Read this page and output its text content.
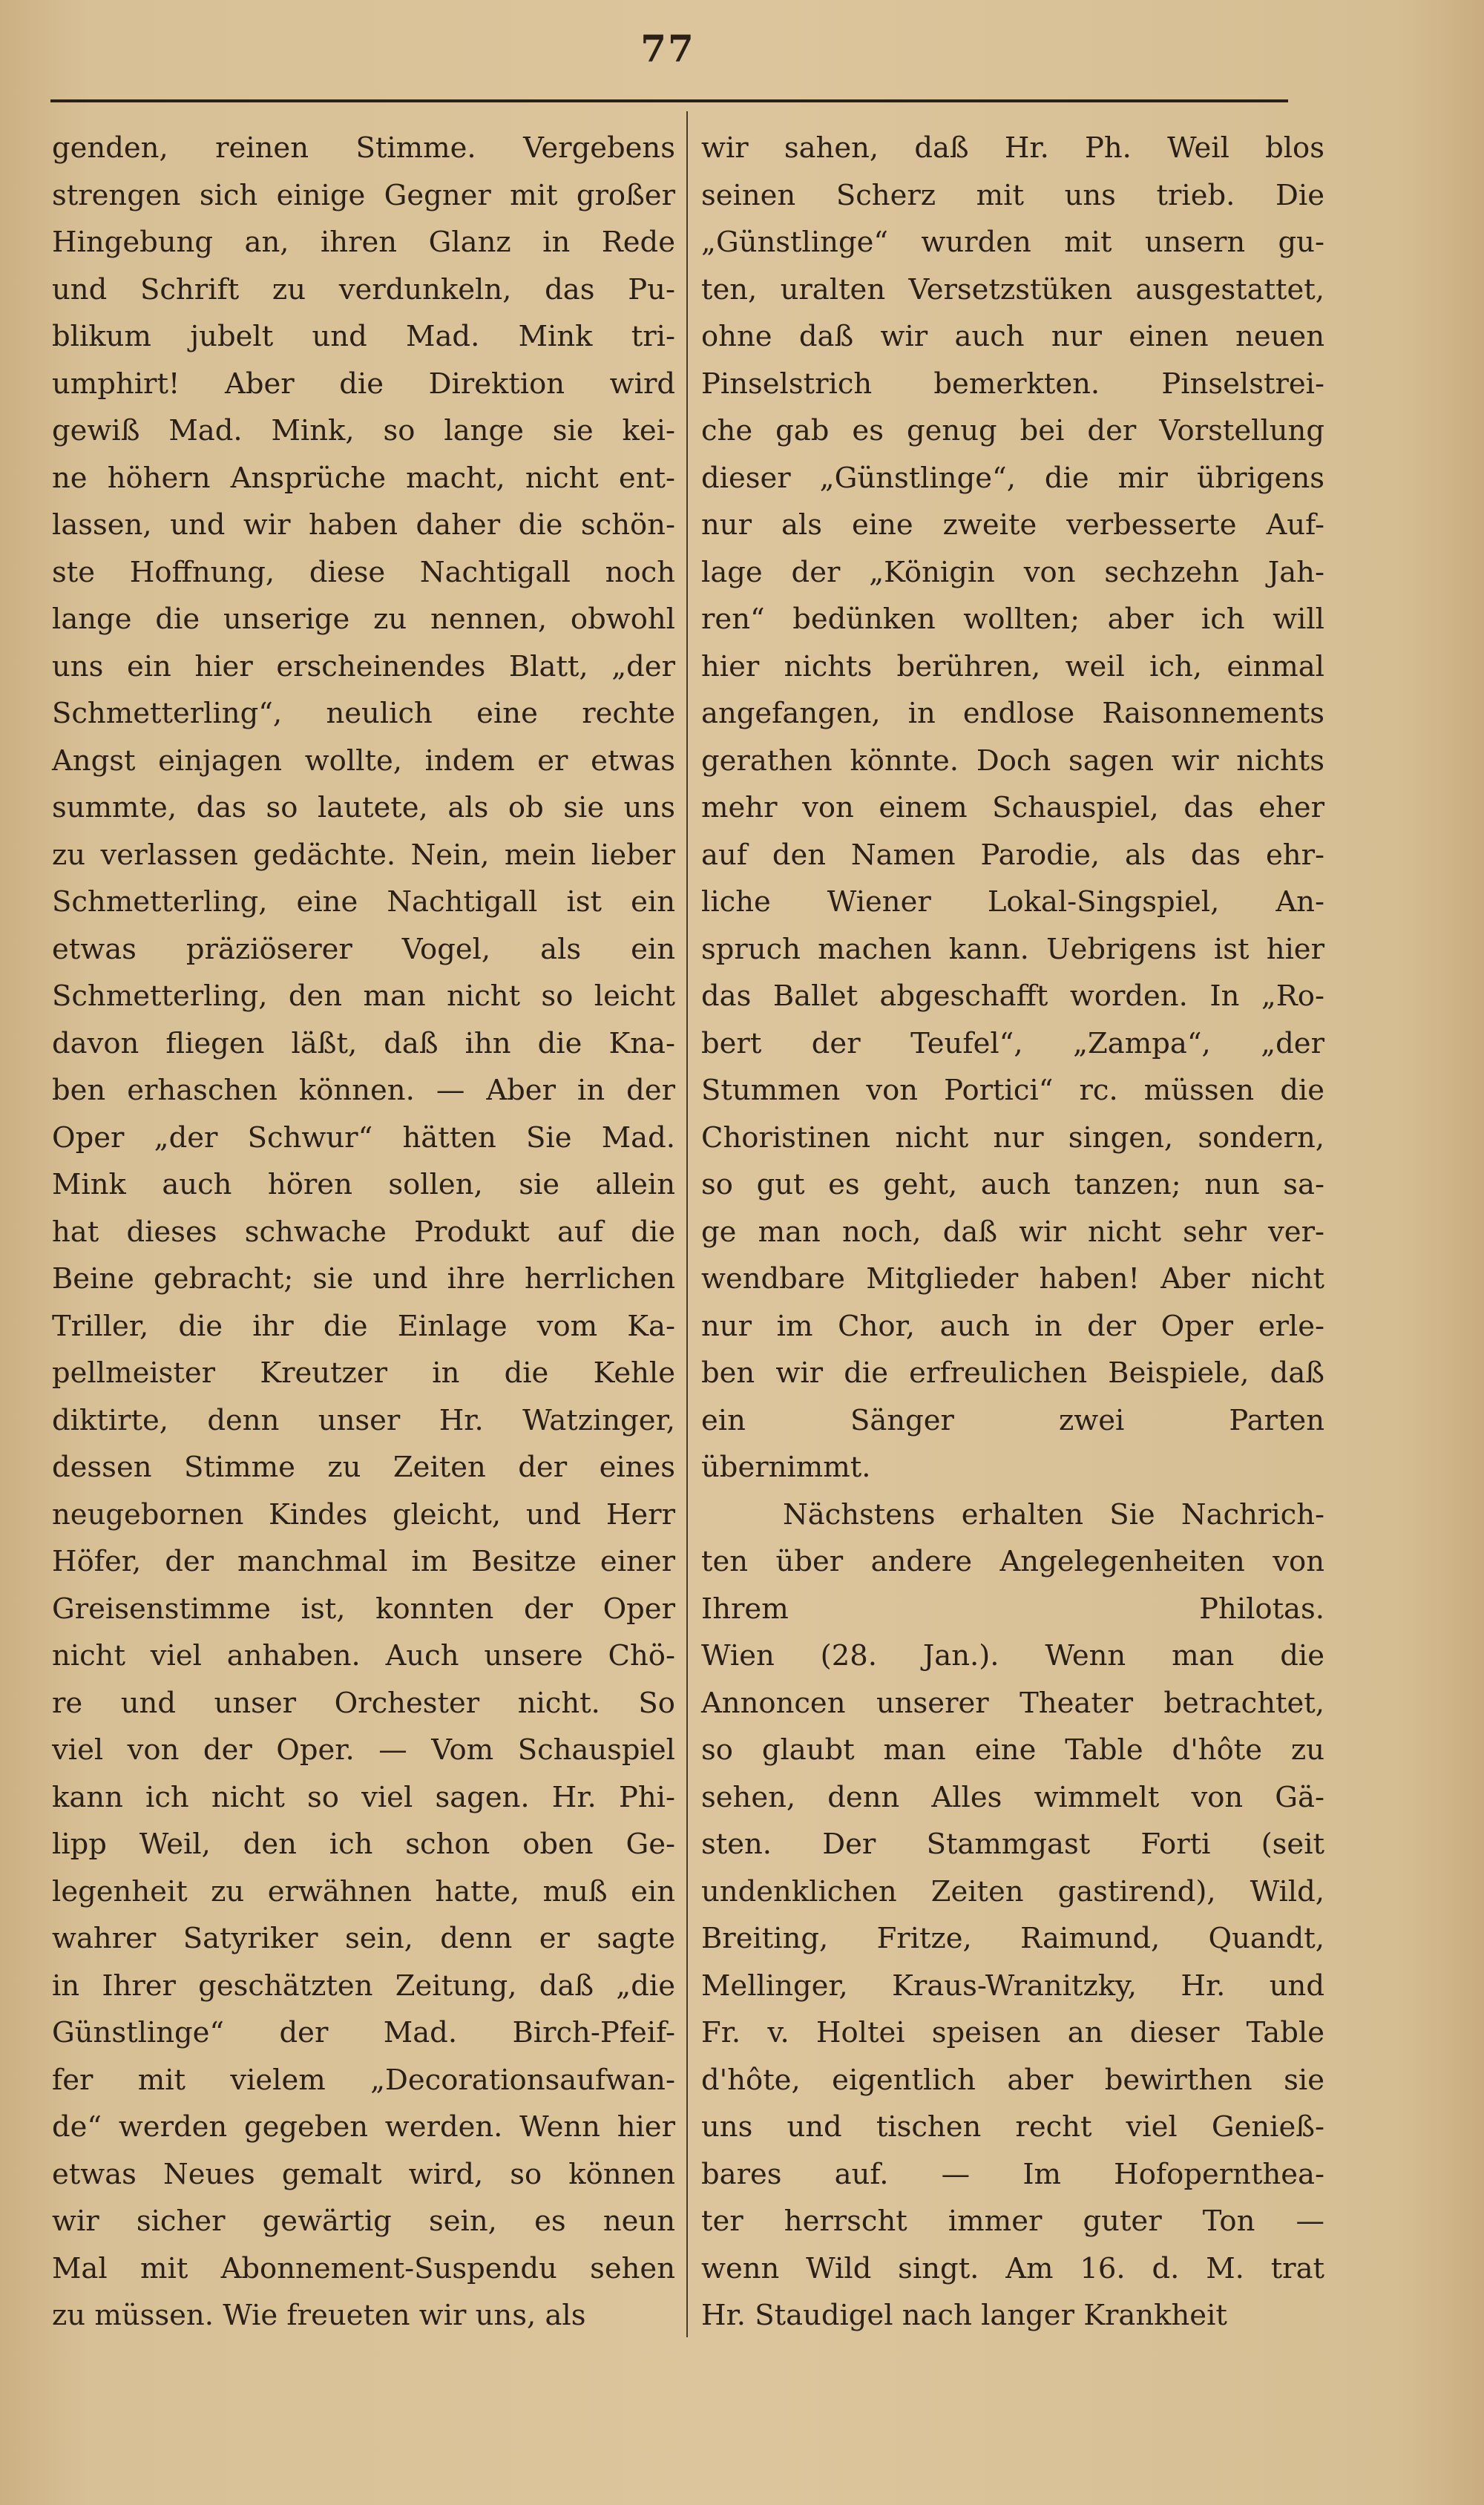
77
genden, reinen Stimme. Vergebens
strengen sich einige Gegner mit großer
Hingebung an, ihren Glanz in Rede
und Schrift zu verdunkeln, das Pu-
blikum jubelt und Mad. Mink tri-
umphirt! Aber die Direktion wird
gewiß Mad. Mink, so lange sie kei-
ne höhern Ansprüche macht, nicht ent-
lassen, und wir haben daher die schön-
ste Hoffnung, diese Nachtigall noch
lange die unserige zu nennen, obwohl
uns ein hier erscheinendes Blatt, „der
Schmetterling“, neulich eine rechte
Angst einjagen wollte, indem er etwas
summte, das so lautete, als ob sie uns
zu verlassen gedächte. Nein, mein lieber
Schmetterling, eine Nachtigall ist ein
etwas präziöserer Vogel, als ein
Schmetterling, den man nicht so leicht
davon fliegen läßt, daß ihn die Kna-
ben erhaschen können. — Aber in der
Oper „der Schwur“ hätten Sie Mad.
Mink auch hören sollen, sie allein
hat dieses schwache Produkt auf die
Beine gebracht; sie und ihre herrlichen
Triller, die ihr die Einlage vom Ka-
pellmeister Kreutzer in die Kehle
diktirte, denn unser Hr. Watzinger,
dessen Stimme zu Zeiten der eines
neugebornen Kindes gleicht, und Herr
Höfer, der manchmal im Besitze einer
Greisenstimme ist, konnten der Oper
nicht viel anhaben. Auch unsere Chö-
re und unser Orchester nicht. So
viel von der Oper. — Vom Schauspiel
kann ich nicht so viel sagen. Hr. Phi-
lipp Weil, den ich schon oben Ge-
legenheit zu erwähnen hatte, muß ein
wahrer Satyriker sein, denn er sagte
in Ihrer geschätzten Zeitung, daß „die
Günstlinge“ der Mad. Birch-Pfeif-
fer mit vielem „Decorationsaufwan-
de“ werden gegeben werden. Wenn hier
etwas Neues gemalt wird, so können
wir sicher gewärtig sein, es neun
Mal mit Abonnement-Suspendu sehen
zu müssen. Wie freueten wir uns, als
wir sahen, daß Hr. Ph. Weil blos
seinen Scherz mit uns trieb. Die
„Günstlinge“ wurden mit unsern gu-
ten, uralten Versetzstüken ausgestattet,
ohne daß wir auch nur einen neuen
Pinselstrich bemerkten. Pinselstrei-
che gab es genug bei der Vorstellung
dieser „Günstlinge“, die mir übrigens
nur als eine zweite verbesserte Auf-
lage der „Königin von sechzehn Jah-
ren“ bedünken wollten; aber ich will
hier nichts berühren, weil ich, einmal
angefangen, in endlose Raisonnements
gerathen könnte. Doch sagen wir nichts
mehr von einem Schauspiel, das eher
auf den Namen Parodie, als das ehr-
liche Wiener Lokal-Singspiel, An-
spruch machen kann. Uebrigens ist hier
das Ballet abgeschafft worden. In „Ro-
bert der Teufel“, „Zampa“, „der
Stummen von Portici“ rc. müssen die
Choristinen nicht nur singen, sondern,
so gut es geht, auch tanzen; nun sa-
ge man noch, daß wir nicht sehr ver-
wendbare Mitglieder haben! Aber nicht
nur im Chor, auch in der Oper erle-
ben wir die erfreulichen Beispiele, daß
ein Sänger zwei Parten
übernimmt.
Nächstens erhalten Sie Nachrich-
ten über andere Angelegenheiten von
Ihrem Philotas.
Wien (28. Jan.). Wenn man die
Annoncen unserer Theater betrachtet,
so glaubt man eine Table d'hôte zu
sehen, denn Alles wimmelt von Gä-
sten. Der Stammgast Forti (seit
undenklichen Zeiten gastirend), Wild,
Breiting, Fritze, Raimund, Quandt,
Mellinger, Kraus-Wranitzky, Hr. und
Fr. v. Holtei speisen an dieser Table
d'hôte, eigentlich aber bewirthen sie
uns und tischen recht viel Genieß-
bares auf. — Im Hofoperntheа-
ter herrscht immer guter Ton —
wenn Wild singt. Am 16. d. M. trat
Hr. Staudigel nach langer Krankheit
